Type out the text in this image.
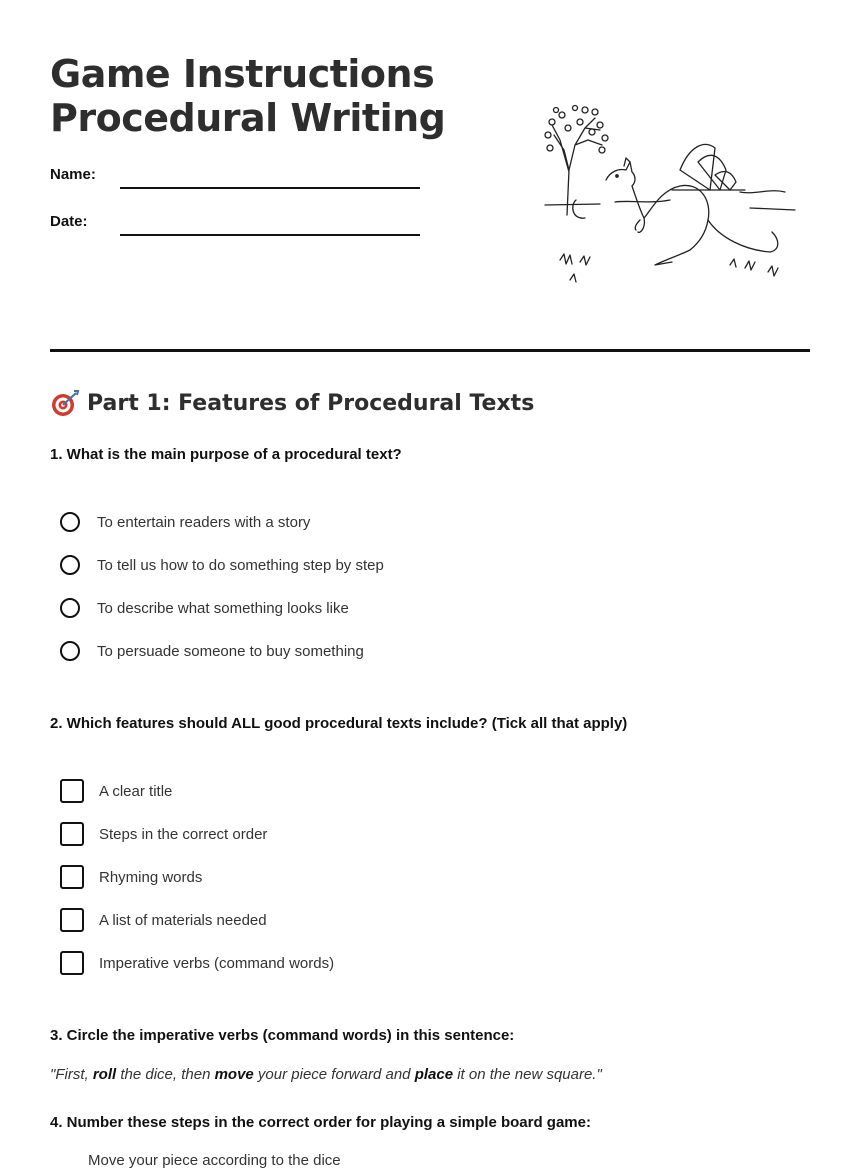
Game Instructions
Procedural Writing
Name:
Date:
Part 1: Features of Procedural Texts

1. What is the main purpose of a procedural text?

To entertain readers with a story
To tell us how to do something step by step
To describe what something looks like
To persuade someone to buy something

2. Which features should ALL good procedural texts include? (Tick all that apply)

A clear title
Steps in the correct order
Rhyming words
A list of materials needed
Imperative verbs (command words)

3. Circle the imperative verbs (command words) in this sentence:

"First, roll the dice, then move your piece forward and place it on the new square."

4. Number these steps in the correct order for playing a simple board game:

Move your piece according to the dice
